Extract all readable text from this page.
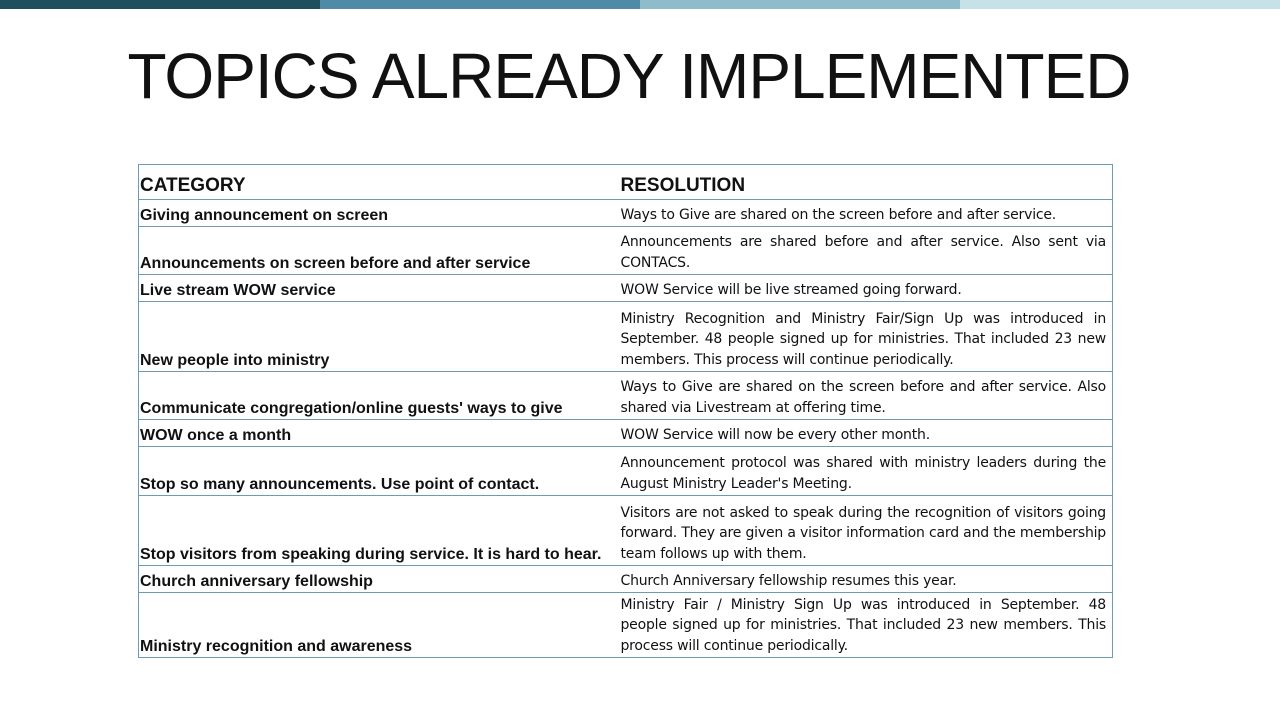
TOPICS ALREADY IMPLEMENTED
CATEGORY	RESOLUTION
Giving announcement on screen	Ways to Give are shared on the screen before and after service.
Announcements on screen before and after service	Announcements are shared before and after service. Also sent via CONTACS.
Live stream WOW service	WOW Service will be live streamed going forward.
New people into ministry	Ministry Recognition and Ministry Fair/Sign Up was introduced in September. 48 people signed up for ministries. That included 23 new members. This process will continue periodically.
Communicate congregation/online guests' ways to give	Ways to Give are shared on the screen before and after service. Also shared via Livestream at offering time.
WOW once a month	WOW Service will now be every other month.
Stop so many announcements. Use point of contact.	Announcement protocol was shared with ministry leaders during the August Ministry Leader's Meeting.
Stop visitors from speaking during service. It is hard to hear.	Visitors are not asked to speak during the recognition of visitors going forward. They are given a visitor information card and the membership team follows up with them.
Church anniversary fellowship	Church Anniversary fellowship resumes this year.
Ministry recognition and awareness	Ministry Fair / Ministry Sign Up was introduced in September. 48 people signed up for ministries. That included 23 new members. This process will continue periodically.
